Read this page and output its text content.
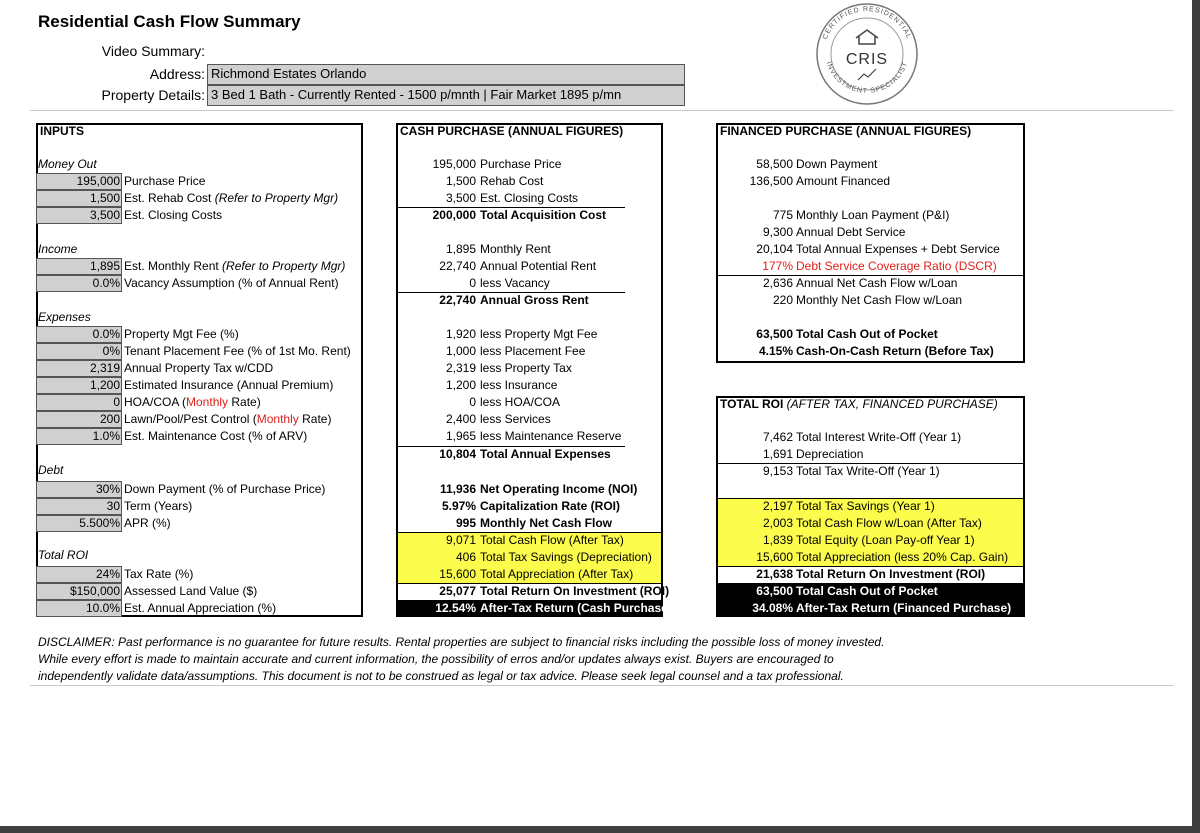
Residential Cash Flow Summary
Video Summary:
Address: Richmond Estates Orlando
Property Details: 3 Bed 1 Bath - Currently Rented - 1500 p/mnth | Fair Market 1895 p/mn
CERTIFIED RESIDENTIAL
INVESTMENT SPECIALIST
CRIS
INPUTS
Money Out
Income
Expenses
Debt
Total ROI
195,000 Purchase Price
1,500 Est. Rehab Cost (Refer to Property Mgr)
3,500 Est. Closing Costs
1,895 Est. Monthly Rent (Refer to Property Mgr)
0.0% Vacancy Assumption (% of Annual Rent)
0.0% Property Mgt Fee (%)
0% Tenant Placement Fee (% of 1st Mo. Rent)
2,319 Annual Property Tax w/CDD
1,200 Estimated Insurance (Annual Premium)
0 HOA/COA (Monthly Rate)
200 Lawn/Pool/Pest Control (Monthly Rate)
1.0% Est. Maintenance Cost (% of ARV)
30% Down Payment (% of Purchase Price)
30 Term (Years)
5.500% APR (%)
24% Tax Rate (%)
$150,000 Assessed Land Value ($)
10.0% Est. Annual Appreciation (%)
CASH PURCHASE (ANNUAL FIGURES)
195,000 Purchase Price
1,500 Rehab Cost
3,500 Est. Closing Costs
200,000 Total Acquisition Cost
1,895 Monthly Rent
22,740 Annual Potential Rent
0 less Vacancy
22,740 Annual Gross Rent
1,920 less Property Mgt Fee
1,000 less Placement Fee
2,319 less Property Tax
1,200 less Insurance
0 less HOA/COA
2,400 less Services
1,965 less Maintenance Reserve
10,804 Total Annual Expenses
11,936 Net Operating Income (NOI)
5.97% Capitalization Rate (ROI)
995 Monthly Net Cash Flow
9,071 Total Cash Flow (After Tax)
406 Total Tax Savings (Depreciation)
15,600 Total Appreciation (After Tax)
25,077 Total Return On Investment (ROI)
12.54% After-Tax Return (Cash Purchase)
FINANCED PURCHASE (ANNUAL FIGURES)
58,500 Down Payment
136,500 Amount Financed
775 Monthly Loan Payment (P&I)
9,300 Annual Debt Service
20,104 Total Annual Expenses + Debt Service
177% Debt Service Coverage Ratio (DSCR)
2,636 Annual Net Cash Flow w/Loan
220 Monthly Net Cash Flow w/Loan
63,500 Total Cash Out of Pocket
4.15% Cash-On-Cash Return (Before Tax)
TOTAL ROI (AFTER TAX, FINANCED PURCHASE)
7,462 Total Interest Write-Off (Year 1)
1,691 Depreciation
9,153 Total Tax Write-Off (Year 1)
2,197 Total Tax Savings (Year 1)
2,003 Total Cash Flow w/Loan (After Tax)
1,839 Total Equity (Loan Pay-off Year 1)
15,600 Total Appreciation (less 20% Cap. Gain)
21,638 Total Return On Investment (ROI)
63,500 Total Cash Out of Pocket
34.08% After-Tax Return (Financed Purchase)
DISCLAIMER: Past performance is no guarantee for future results. Rental properties are subject to financial risks including the possible loss of money invested.
While every effort is made to maintain accurate and current information, the possibility of erros and/or updates always exist. Buyers are encouraged to
independently validate data/assumptions. This document is not to be construed as legal or tax advice. Please seek legal counsel and a tax professional.
